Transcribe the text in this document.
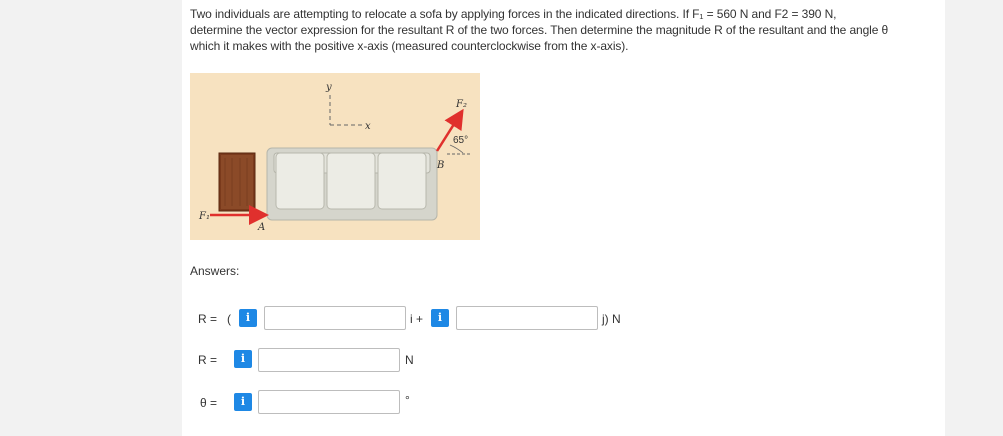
Two individuals are attempting to relocate a sofa by applying forces in the indicated directions. If F₁ = 560 N and F2 = 390 N,
determine the vector expression for the resultant R of the two forces. Then determine the magnitude R of the resultant and the angle θ
which it makes with the positive x-axis (measured counterclockwise from the x-axis).
y
x
F₁
A
F₂
65°
B
Answers:
R = (	i	i +	i	j) N
R =	i	N
θ =	i	°
